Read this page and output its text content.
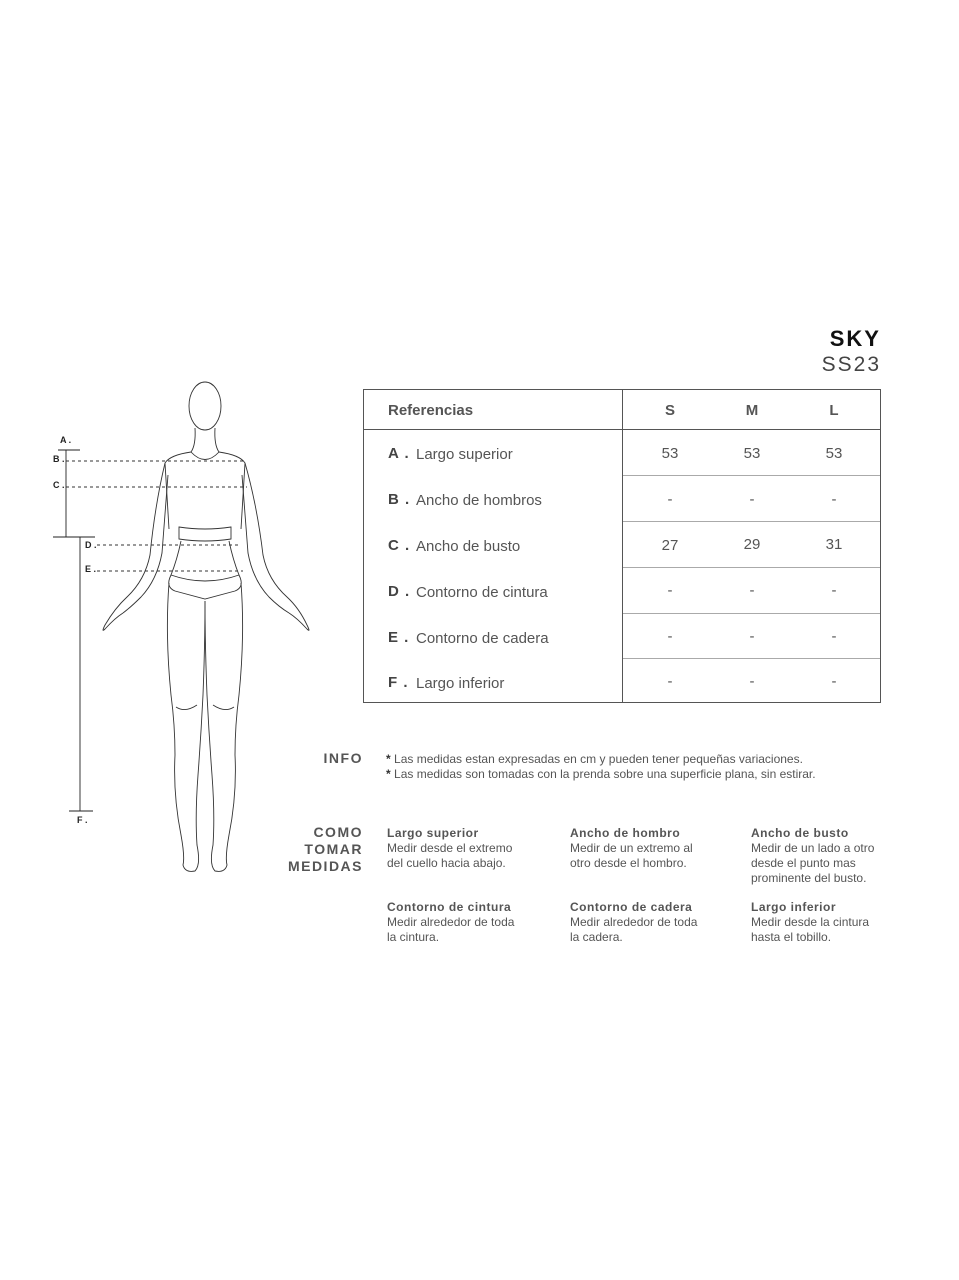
SKY
SS23
Referencias	S	M	L
A . Largo superior	53	53	53
B . Ancho de hombros	-	-	-
C . Ancho de busto	27	29	31
D . Contorno de cintura	-	-	-
E . Contorno de cadera	-	-	-
F . Largo inferior	-	-	-
A .
B .
C .
D .
E .
F .
INFO * Las medidas estan expresadas en cm y pueden tener pequeñas variaciones.
* Las medidas son tomadas con la prenda sobre una superficie plana, sin estirar.
COMO
TOMAR
MEDIDAS
Largo superior
Medir desde el extremo
del cuello hacia abajo.
Ancho de hombro
Medir de un extremo al
otro desde el hombro.
Ancho de busto
Medir de un lado a otro
desde el punto mas
prominente del busto.
Contorno de cintura
Medir alrededor de toda
la cintura.
Contorno de cadera
Medir alrededor de toda
la cadera.
Largo inferior
Medir desde la cintura
hasta el tobillo.
